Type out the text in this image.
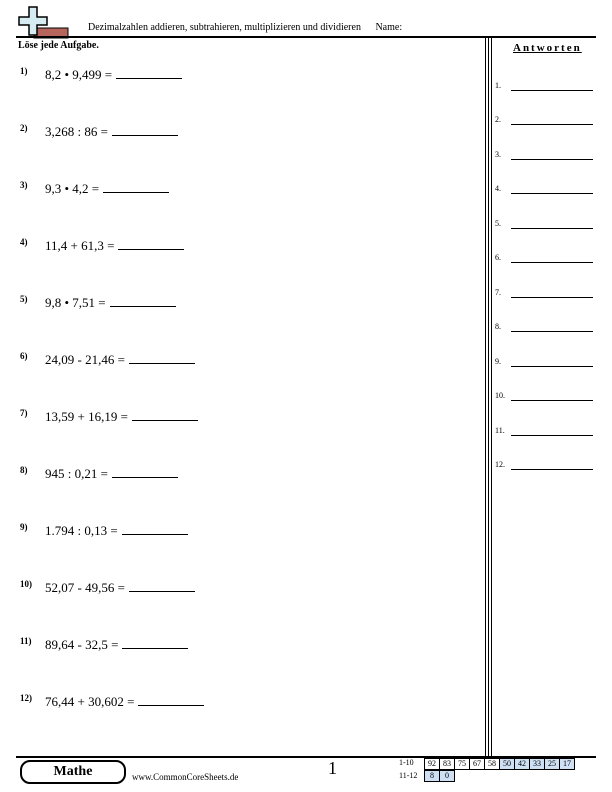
Dezimalzahlen addieren, subtrahieren, multiplizieren und dividieren Name:
Löse jede Aufgabe.
1) 8,2 • 9,499 =
2) 3,268 : 86 =
3) 9,3 • 4,2 =
4) 11,4 + 61,3 =
5) 9,8 • 7,51 =
6) 24,09 - 21,46 =
7) 13,59 + 16,19 =
8) 945 : 0,21 =
9) 1.794 : 0,13 =
10) 52,07 - 49,56 =
11) 89,64 - 32,5 =
12) 76,44 + 30,602 =
Antworten
1.
2.
3.
4.
5.
6.
7.
8.
9.
10.
11.
12.
Mathe	www.CommonCoreSheets.de	1	1-10 92	83	75	67	58	50	42	33	25	17
11-12 8	0
